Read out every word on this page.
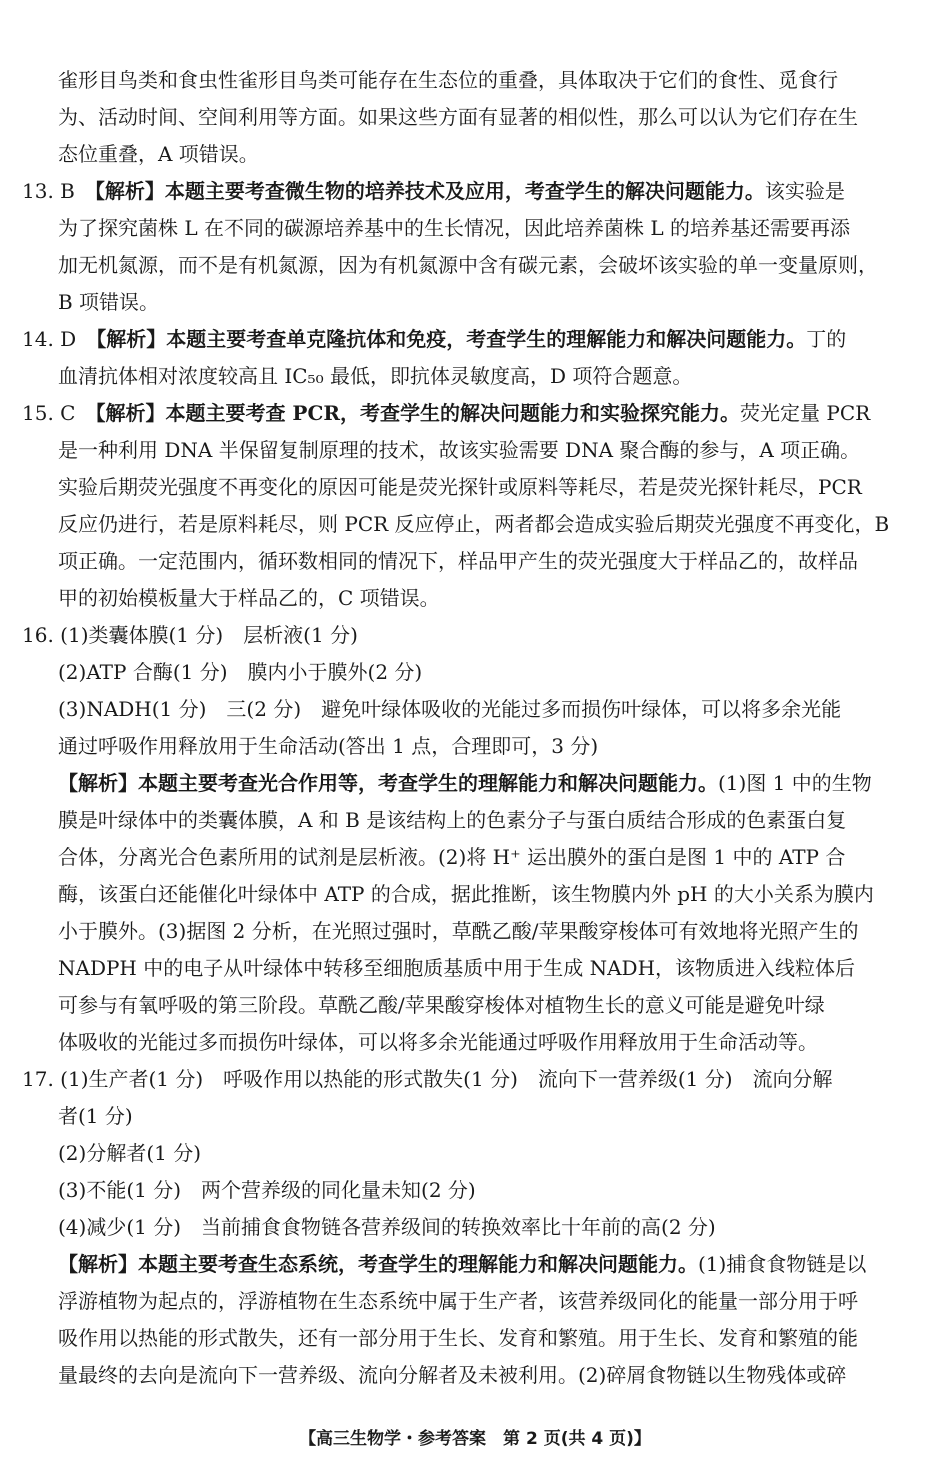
雀形目鸟类和食虫性雀形目鸟类可能存在生态位的重叠，具体取决于它们的食性、觅食行
为、活动时间、空间利用等方面。如果这些方面有显著的相似性，那么可以认为它们存在生
态位重叠，A 项错误。
13. B　【解析】本题主要考查微生物的培养技术及应用，考查学生的解决问题能力。该实验是
为了探究菌株 L 在不同的碳源培养基中的生长情况，因此培养菌株 L 的培养基还需要再添
加无机氮源，而不是有机氮源，因为有机氮源中含有碳元素，会破坏该实验的单一变量原则，
B 项错误。
14. D　【解析】本题主要考查单克隆抗体和免疫，考查学生的理解能力和解决问题能力。丁的
血清抗体相对浓度较高且 IC₅₀ 最低，即抗体灵敏度高，D 项符合题意。
15. C　【解析】本题主要考查 PCR，考查学生的解决问题能力和实验探究能力。荧光定量 PCR
是一种利用 DNA 半保留复制原理的技术，故该实验需要 DNA 聚合酶的参与，A 项正确。
实验后期荧光强度不再变化的原因可能是荧光探针或原料等耗尽，若是荧光探针耗尽，PCR
反应仍进行，若是原料耗尽，则 PCR 反应停止，两者都会造成实验后期荧光强度不再变化，B
项正确。一定范围内，循环数相同的情况下，样品甲产生的荧光强度大于样品乙的，故样品
甲的初始模板量大于样品乙的，C 项错误。
16. (1)类囊体膜(1 分)　层析液(1 分)
(2)ATP 合酶(1 分)　膜内小于膜外(2 分)
(3)NADH(1 分)　三(2 分)　避免叶绿体吸收的光能过多而损伤叶绿体，可以将多余光能
通过呼吸作用释放用于生命活动(答出 1 点，合理即可，3 分)
【解析】本题主要考查光合作用等，考查学生的理解能力和解决问题能力。(1)图 1 中的生物
膜是叶绿体中的类囊体膜，A 和 B 是该结构上的色素分子与蛋白质结合形成的色素蛋白复
合体，分离光合色素所用的试剂是层析液。(2)将 H⁺ 运出膜外的蛋白是图 1 中的 ATP 合
酶，该蛋白还能催化叶绿体中 ATP 的合成，据此推断，该生物膜内外 pH 的大小关系为膜内
小于膜外。(3)据图 2 分析，在光照过强时，草酰乙酸/苹果酸穿梭体可有效地将光照产生的
NADPH 中的电子从叶绿体中转移至细胞质基质中用于生成 NADH，该物质进入线粒体后
可参与有氧呼吸的第三阶段。草酰乙酸/苹果酸穿梭体对植物生长的意义可能是避免叶绿
体吸收的光能过多而损伤叶绿体，可以将多余光能通过呼吸作用释放用于生命活动等。
17. (1)生产者(1 分)　呼吸作用以热能的形式散失(1 分)　流向下一营养级(1 分)　流向分解
者(1 分)
(2)分解者(1 分)
(3)不能(1 分)　两个营养级的同化量未知(2 分)
(4)减少(1 分)　当前捕食食物链各营养级间的转换效率比十年前的高(2 分)
【解析】本题主要考查生态系统，考查学生的理解能力和解决问题能力。(1)捕食食物链是以
浮游植物为起点的，浮游植物在生态系统中属于生产者，该营养级同化的能量一部分用于呼
吸作用以热能的形式散失，还有一部分用于生长、发育和繁殖。用于生长、发育和繁殖的能
量最终的去向是流向下一营养级、流向分解者及未被利用。(2)碎屑食物链以生物残体或碎
【高三生物学・参考答案　第 2 页(共 4 页)】
